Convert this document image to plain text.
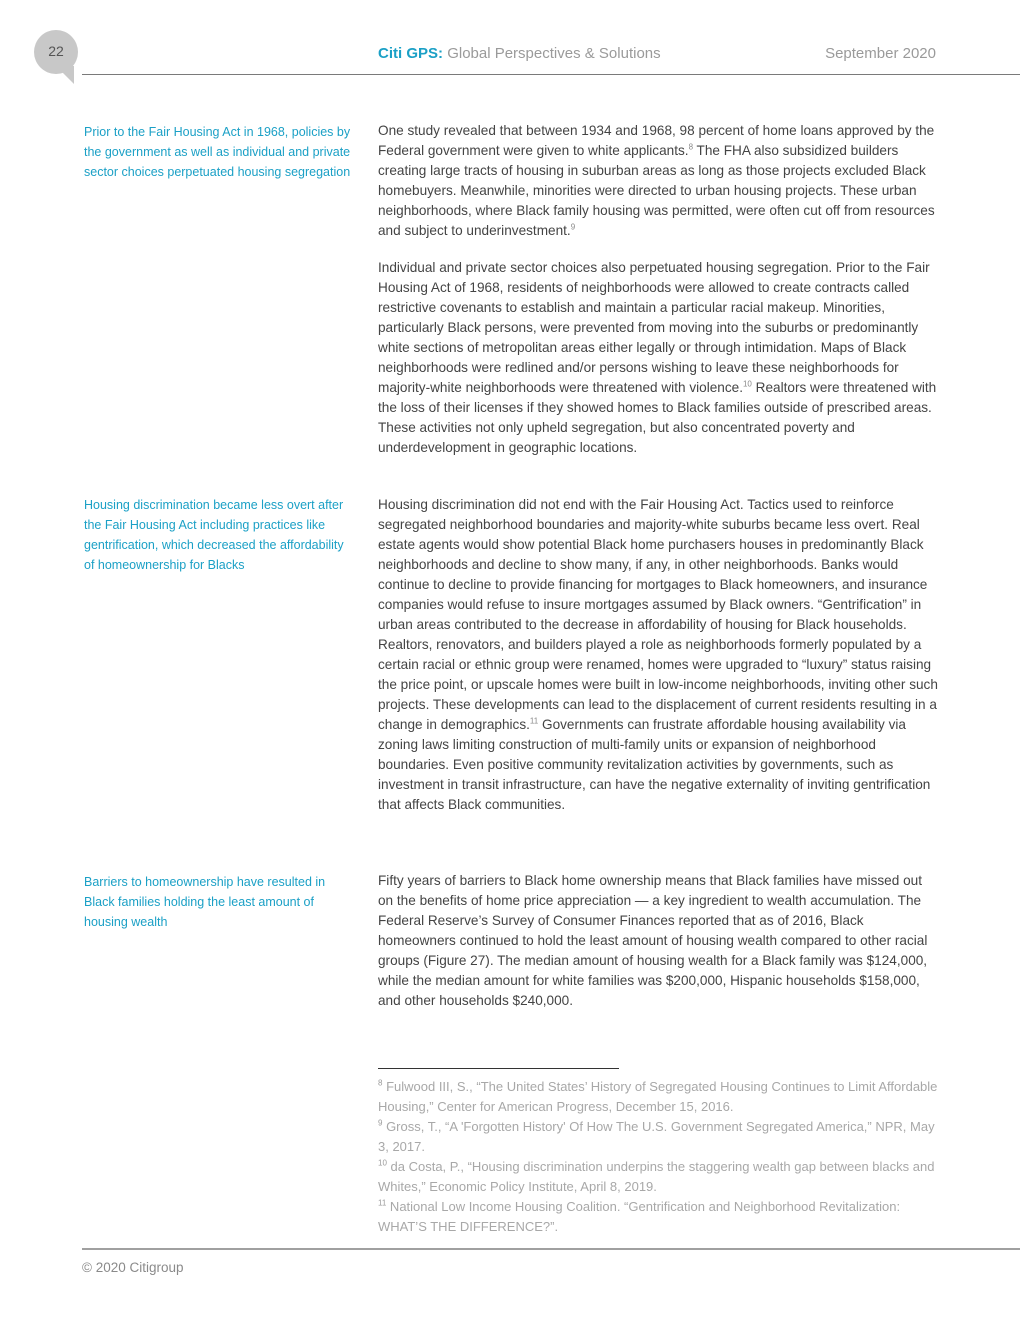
22	Citi GPS: Global Perspectives & Solutions	September 2020
Prior to the Fair Housing Act in 1968, policies by the government as well as individual and private sector choices perpetuated housing segregation
Housing discrimination became less overt after the Fair Housing Act including practices like gentrification, which decreased the affordability of homeownership for Blacks
Barriers to homeownership have resulted in Black families holding the least amount of housing wealth
One study revealed that between 1934 and 1968, 98 percent of home loans approved by the Federal government were given to white applicants.$^8$ The FHA also subsidized builders creating large tracts of housing in suburban areas as long as those projects excluded Black homebuyers. Meanwhile, minorities were directed to urban housing projects. These urban neighborhoods, where Black family housing was permitted, were often cut off from resources and subject to underinvestment.$^9$
Individual and private sector choices also perpetuated housing segregation. Prior to the Fair Housing Act of 1968, residents of neighborhoods were allowed to create contracts called restrictive covenants to establish and maintain a particular racial makeup. Minorities, particularly Black persons, were prevented from moving into the suburbs or predominantly white sections of metropolitan areas either legally or through intimidation. Maps of Black neighborhoods were redlined and/or persons wishing to leave these neighborhoods for majority-white neighborhoods were threatened with violence.$^{10}$ Realtors were threatened with the loss of their licenses if they showed homes to Black families outside of prescribed areas. These activities not only upheld segregation, but also concentrated poverty and underdevelopment in geographic locations.
Housing discrimination did not end with the Fair Housing Act. Tactics used to reinforce segregated neighborhood boundaries and majority-white suburbs became less overt. Real estate agents would show potential Black home purchasers houses in predominantly Black neighborhoods and decline to show many, if any, in other neighborhoods. Banks would continue to decline to provide financing for mortgages to Black homeowners, and insurance companies would refuse to insure mortgages assumed by Black owners. “Gentrification” in urban areas contributed to the decrease in affordability of housing for Black households. Realtors, renovators, and builders played a role as neighborhoods formerly populated by a certain racial or ethnic group were renamed, homes were upgraded to “luxury” status raising the price point, or upscale homes were built in low-income neighborhoods, inviting other such projects. These developments can lead to the displacement of current residents resulting in a change in demographics.$^{11}$ Governments can frustrate affordable housing availability via zoning laws limiting construction of multi-family units or expansion of neighborhood boundaries. Even positive community revitalization activities by governments, such as investment in transit infrastructure, can have the negative externality of inviting gentrification that affects Black communities.
Fifty years of barriers to Black home ownership means that Black families have missed out on the benefits of home price appreciation — a key ingredient to wealth accumulation. The Federal Reserve’s Survey of Consumer Finances reported that as of 2016, Black homeowners continued to hold the least amount of housing wealth compared to other racial groups (Figure 27). The median amount of housing wealth for a Black family was $124,000, while the median amount for white families was $200,000, Hispanic households $158,000, and other households $240,000.

$^8$ Fulwood III, S., “The United States’ History of Segregated Housing Continues to Limit Affordable Housing,” Center for American Progress, December 15, 2016.

$^9$ Gross, T., “A 'Forgotten History' Of How The U.S. Government Segregated America,” NPR, May 3, 2017.

$^{10}$ da Costa, P., “Housing discrimination underpins the staggering wealth gap between blacks and Whites,” Economic Policy Institute, April 8, 2019.

$^{11}$ National Low Income Housing Coalition. “Gentrification and Neighborhood Revitalization: WHAT’S THE DIFFERENCE?”.

© 2020 Citigroup
